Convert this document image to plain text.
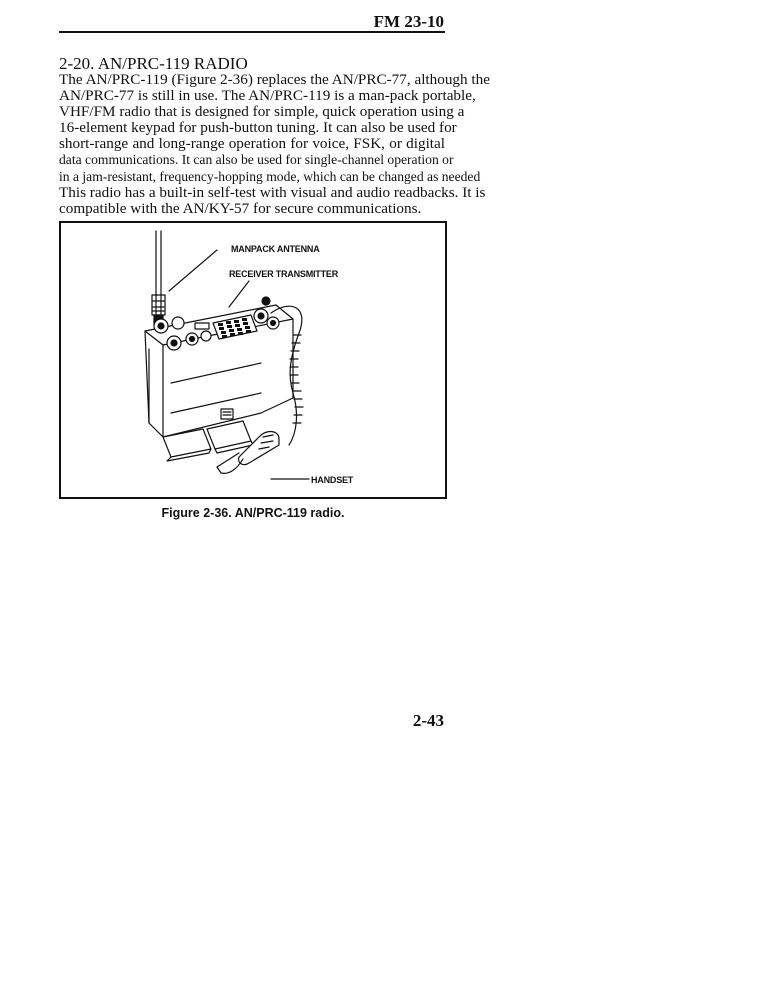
FM 23-10
2-20. AN/PRC-119 RADIO
The AN/PRC-119 (Figure 2-36) replaces the AN/PRC-77, although the
AN/PRC-77 is still in use. The AN/PRC-119 is a man-pack portable,
VHF/FM radio that is designed for simple, quick operation using a
16-element keypad for push-button tuning. It can also be used for
short-range and long-range operation for voice, FSK, or digital
data communications. It can also be used for single-channel operation or
in a jam-resistant, frequency-hopping mode, which can be changed as needed
This radio has a built-in self-test with visual and audio readbacks. It is
compatible with the AN/KY-57 for secure communications.
MANPACK ANTENNA
RECEIVER TRANSMITTER
HANDSET
Figure 2-36. AN/PRC-119 radio.
2-43
